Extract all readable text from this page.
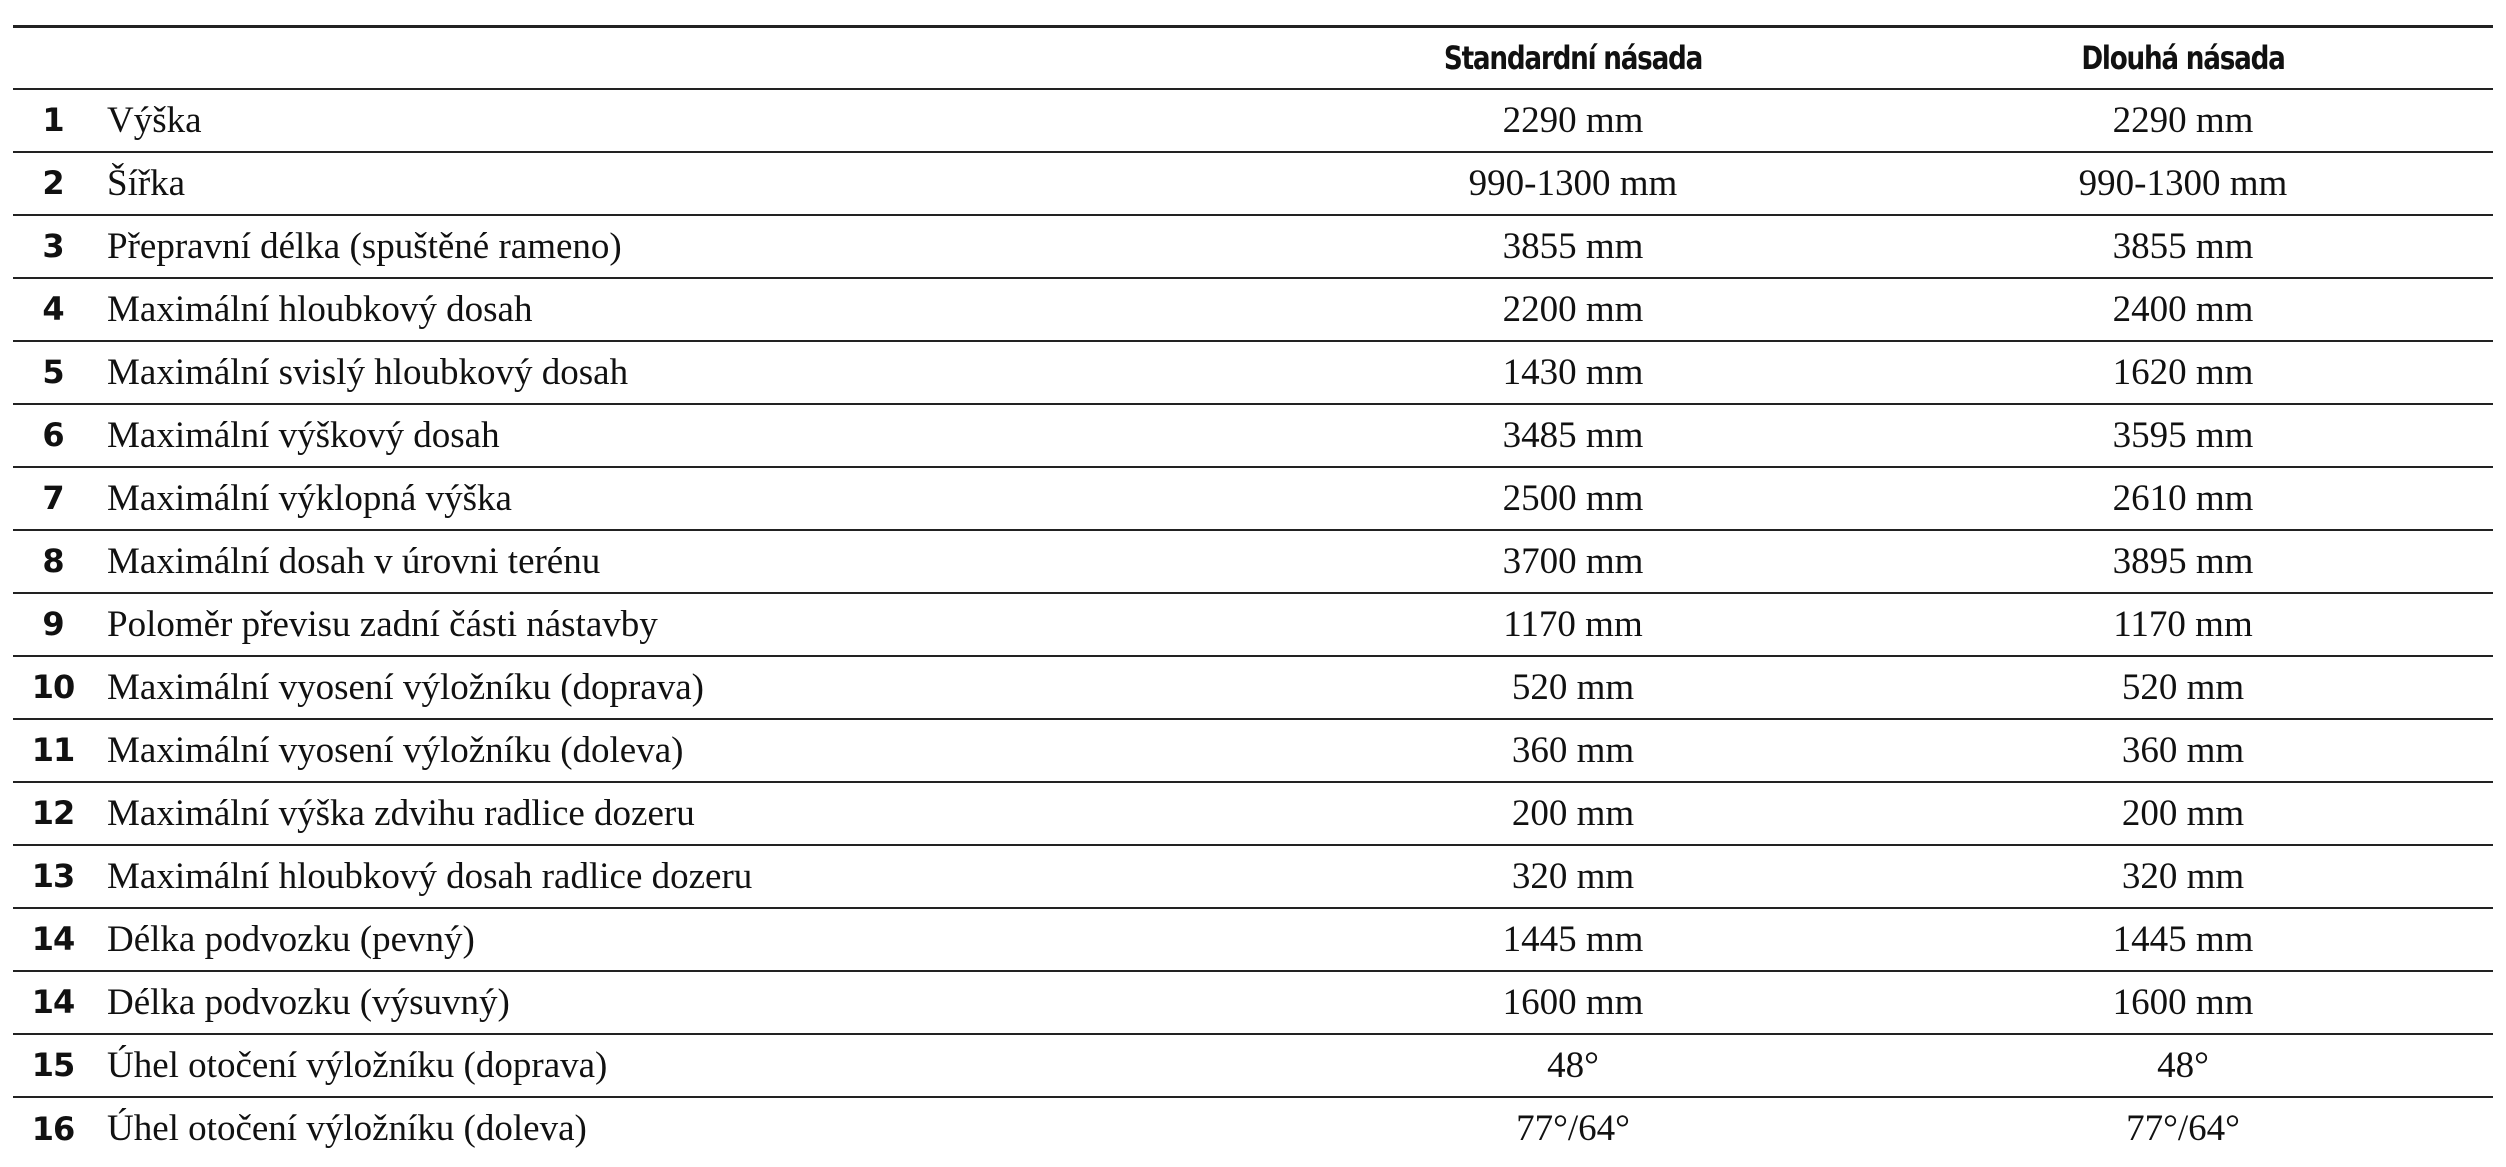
		Standardní násada	Dlouhá násada
1	Výška	2290 mm	2290 mm
2	Šířka	990-1300 mm	990-1300 mm
3	Přepravní délka (spuštěné rameno)	3855 mm	3855 mm
4	Maximální hloubkový dosah	2200 mm	2400 mm
5	Maximální svislý hloubkový dosah	1430 mm	1620 mm
6	Maximální výškový dosah	3485 mm	3595 mm
7	Maximální výklopná výška	2500 mm	2610 mm
8	Maximální dosah v úrovni terénu	3700 mm	3895 mm
9	Poloměr převisu zadní části nástavby	1170 mm	1170 mm
10	Maximální vyosení výložníku (doprava)	520 mm	520 mm
11	Maximální vyosení výložníku (doleva)	360 mm	360 mm
12	Maximální výška zdvihu radlice dozeru	200 mm	200 mm
13	Maximální hloubkový dosah radlice dozeru	320 mm	320 mm
14	Délka podvozku (pevný)	1445 mm	1445 mm
14	Délka podvozku (výsuvný)	1600 mm	1600 mm
15	Úhel otočení výložníku (doprava)	48°	48°
16	Úhel otočení výložníku (doleva)	77°/64°	77°/64°
